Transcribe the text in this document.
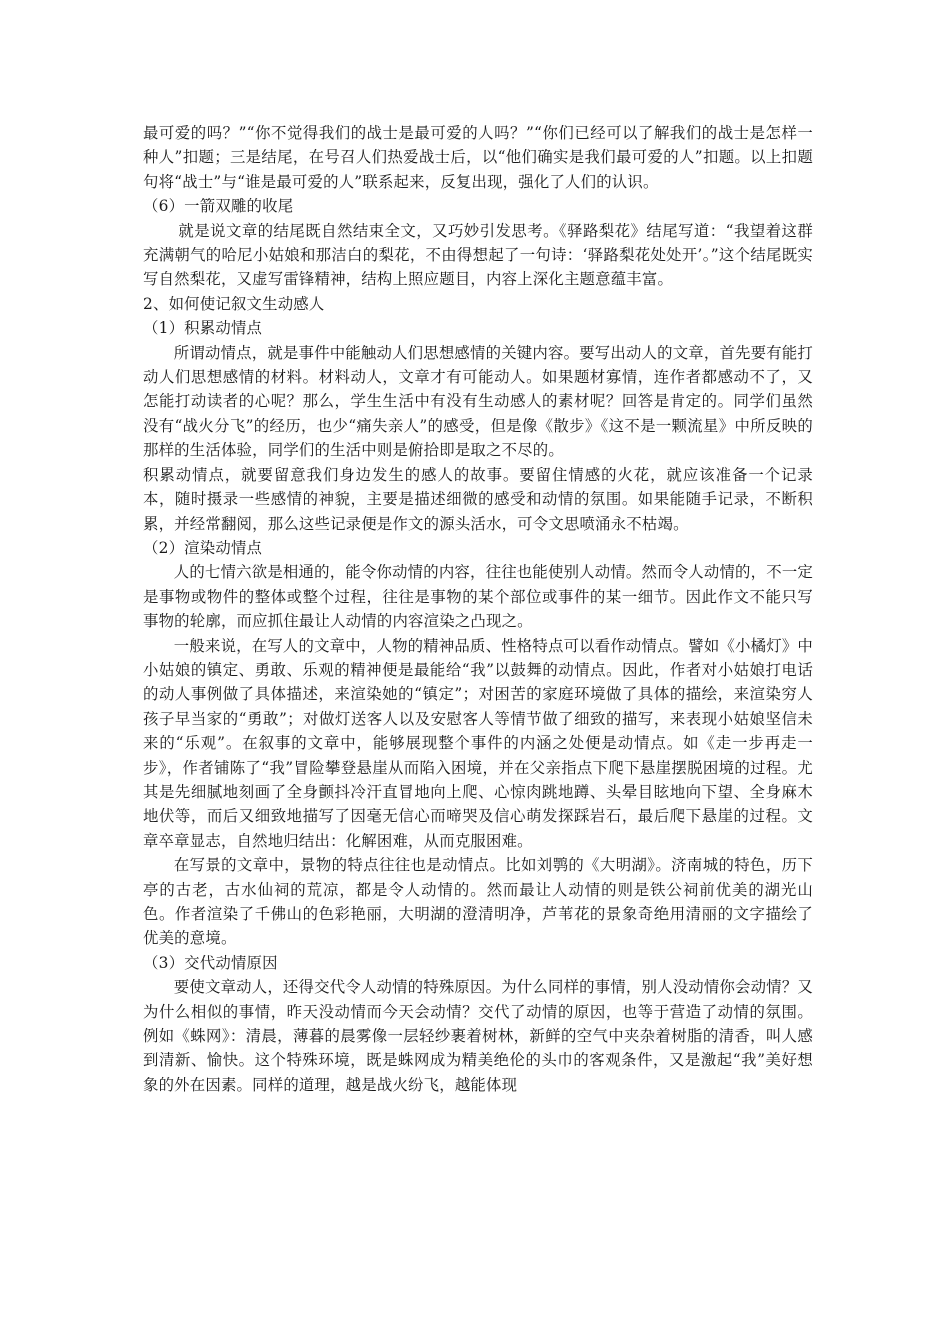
最可爱的吗？”“你不觉得我们的战士是最可爱的人吗？”“你们已经可以了解我们的战士是怎样一种人”扣题；三是结尾，在号召人们热爱战士后，以“他们确实是我们最可爱的人”扣题。以上扣题句将“战士”与“谁是最可爱的人”联系起来，反复出现，强化了人们的认识。

（6）一箭双雕的收尾

就是说文章的结尾既自然结束全文，又巧妙引发思考。《驿路梨花》结尾写道：“我望着这群充满朝气的哈尼小姑娘和那洁白的梨花，不由得想起了一句诗：‘驿路梨花处处开’。”这个结尾既实写自然梨花，又虚写雷锋精神，结构上照应题目，内容上深化主题意蕴丰富。

2、如何使记叙文生动感人

（1）积累动情点

所谓动情点，就是事件中能触动人们思想感情的关键内容。要写出动人的文章，首先要有能打动人们思想感情的材料。材料动人，文章才有可能动人。如果题材寡情，连作者都感动不了，又怎能打动读者的心呢？那么，学生生活中有没有生动感人的素材呢？回答是肯定的。同学们虽然没有“战火分飞”的经历，也少“痛失亲人”的感受，但是像《散步》《这不是一颗流星》中所反映的那样的生活体验，同学们的生活中则是俯拾即是取之不尽的。

积累动情点，就要留意我们身边发生的感人的故事。要留住情感的火花，就应该准备一个记录本，随时摄录一些感情的神貌，主要是描述细微的感受和动情的氛围。如果能随手记录，不断积累，并经常翻阅，那么这些记录便是作文的源头活水，可令文思喷涌永不枯竭。

（2）渲染动情点

人的七情六欲是相通的，能令你动情的内容，往往也能使别人动情。然而令人动情的，不一定是事物或物件的整体或整个过程，往往是事物的某个部位或事件的某一细节。因此作文不能只写事物的轮廓，而应抓住最让人动情的内容渲染之凸现之。

一般来说，在写人的文章中，人物的精神品质、性格特点可以看作动情点。譬如《小橘灯》中小姑娘的镇定、勇敢、乐观的精神便是最能给“我”以鼓舞的动情点。因此，作者对小姑娘打电话的动人事例做了具体描述，来渲染她的“镇定”；对困苦的家庭环境做了具体的描绘，来渲染穷人孩子早当家的“勇敢”；对做灯送客人以及安慰客人等情节做了细致的描写，来表现小姑娘坚信未来的“乐观”。在叙事的文章中，能够展现整个事件的内涵之处便是动情点。如《走一步再走一步》，作者铺陈了“我”冒险攀登悬崖从而陷入困境，并在父亲指点下爬下悬崖摆脱困境的过程。尤其是先细腻地刻画了全身颤抖冷汗直冒地向上爬、心惊肉跳地蹲、头晕目眩地向下望、全身麻木地伏等，而后又细致地描写了因毫无信心而啼哭及信心萌发探踩岩石，最后爬下悬崖的过程。文章卒章显志，自然地归结出：化解困难，从而克服困难。

在写景的文章中，景物的特点往往也是动情点。比如刘鹗的《大明湖》。济南城的特色，历下亭的古老，古水仙祠的荒凉，都是令人动情的。然而最让人动情的则是铁公祠前优美的湖光山色。作者渲染了千佛山的色彩艳丽，大明湖的澄清明净，芦苇花的景象奇绝用清丽的文字描绘了优美的意境。

（3）交代动情原因

要使文章动人，还得交代令人动情的特殊原因。为什么同样的事情，别人没动情你会动情？又为什么相似的事情，昨天没动情而今天会动情？交代了动情的原因，也等于营造了动情的氛围。例如《蛛网》：清晨，薄暮的晨雾像一层轻纱裹着树林，新鲜的空气中夹杂着树脂的清香，叫人感到清新、愉快。这个特殊环境，既是蛛网成为精美绝伦的头巾的客观条件，又是激起“我”美好想象的外在因素。同样的道理，越是战火纷飞，越能体现
